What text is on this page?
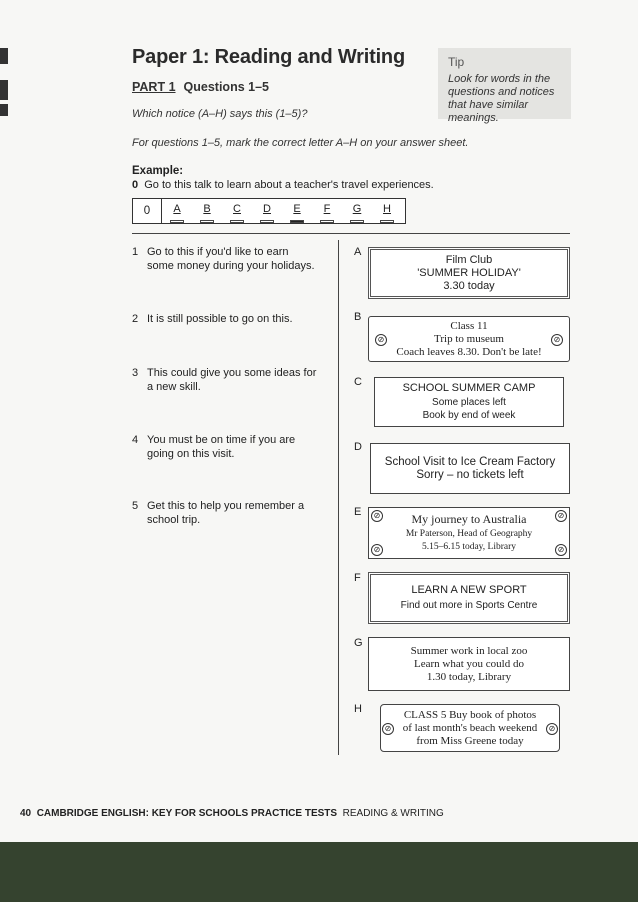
Paper 1: Reading and Writing
PART 1 Questions 1–5
Tip
Look for words in the questions and notices that have similar meanings.
Which notice (A–H) says this (1–5)?
For questions 1–5, mark the correct letter A–H on your answer sheet.
Example:
0 Go to this talk to learn about a teacher's travel experiences.
0	A	B	C	D	E	F	G	H
1 Go to this if you'd like to earn some money during your holidays.
2 It is still possible to go on this.
3 This could give you some ideas for a new skill.
4 You must be on time if you are going on this visit.
5 Get this to help you remember a school trip.
A
B
C
D
E
F
G
H
Film Club
'SUMMER HOLIDAY'
3.30 today
Class 11
Trip to museum
Coach leaves 8.30. Don't be late!
⊘	⊘
SCHOOL SUMMER CAMP
Some places left
Book by end of week
School Visit to Ice Cream Factory
Sorry – no tickets left
My journey to Australia
Mr Paterson, Head of Geography
5.15–6.15 today, Library
⊘	⊘
⊘	⊘
LEARN A NEW SPORT
Find out more in Sports Centre
Summer work in local zoo
Learn what you could do
1.30 today, Library
CLASS 5 Buy book of photos
of last month's beach weekend
from Miss Greene today
⊘	⊘
40 CAMBRIDGE ENGLISH: KEY FOR SCHOOLS PRACTICE TESTS READING & WRITING
